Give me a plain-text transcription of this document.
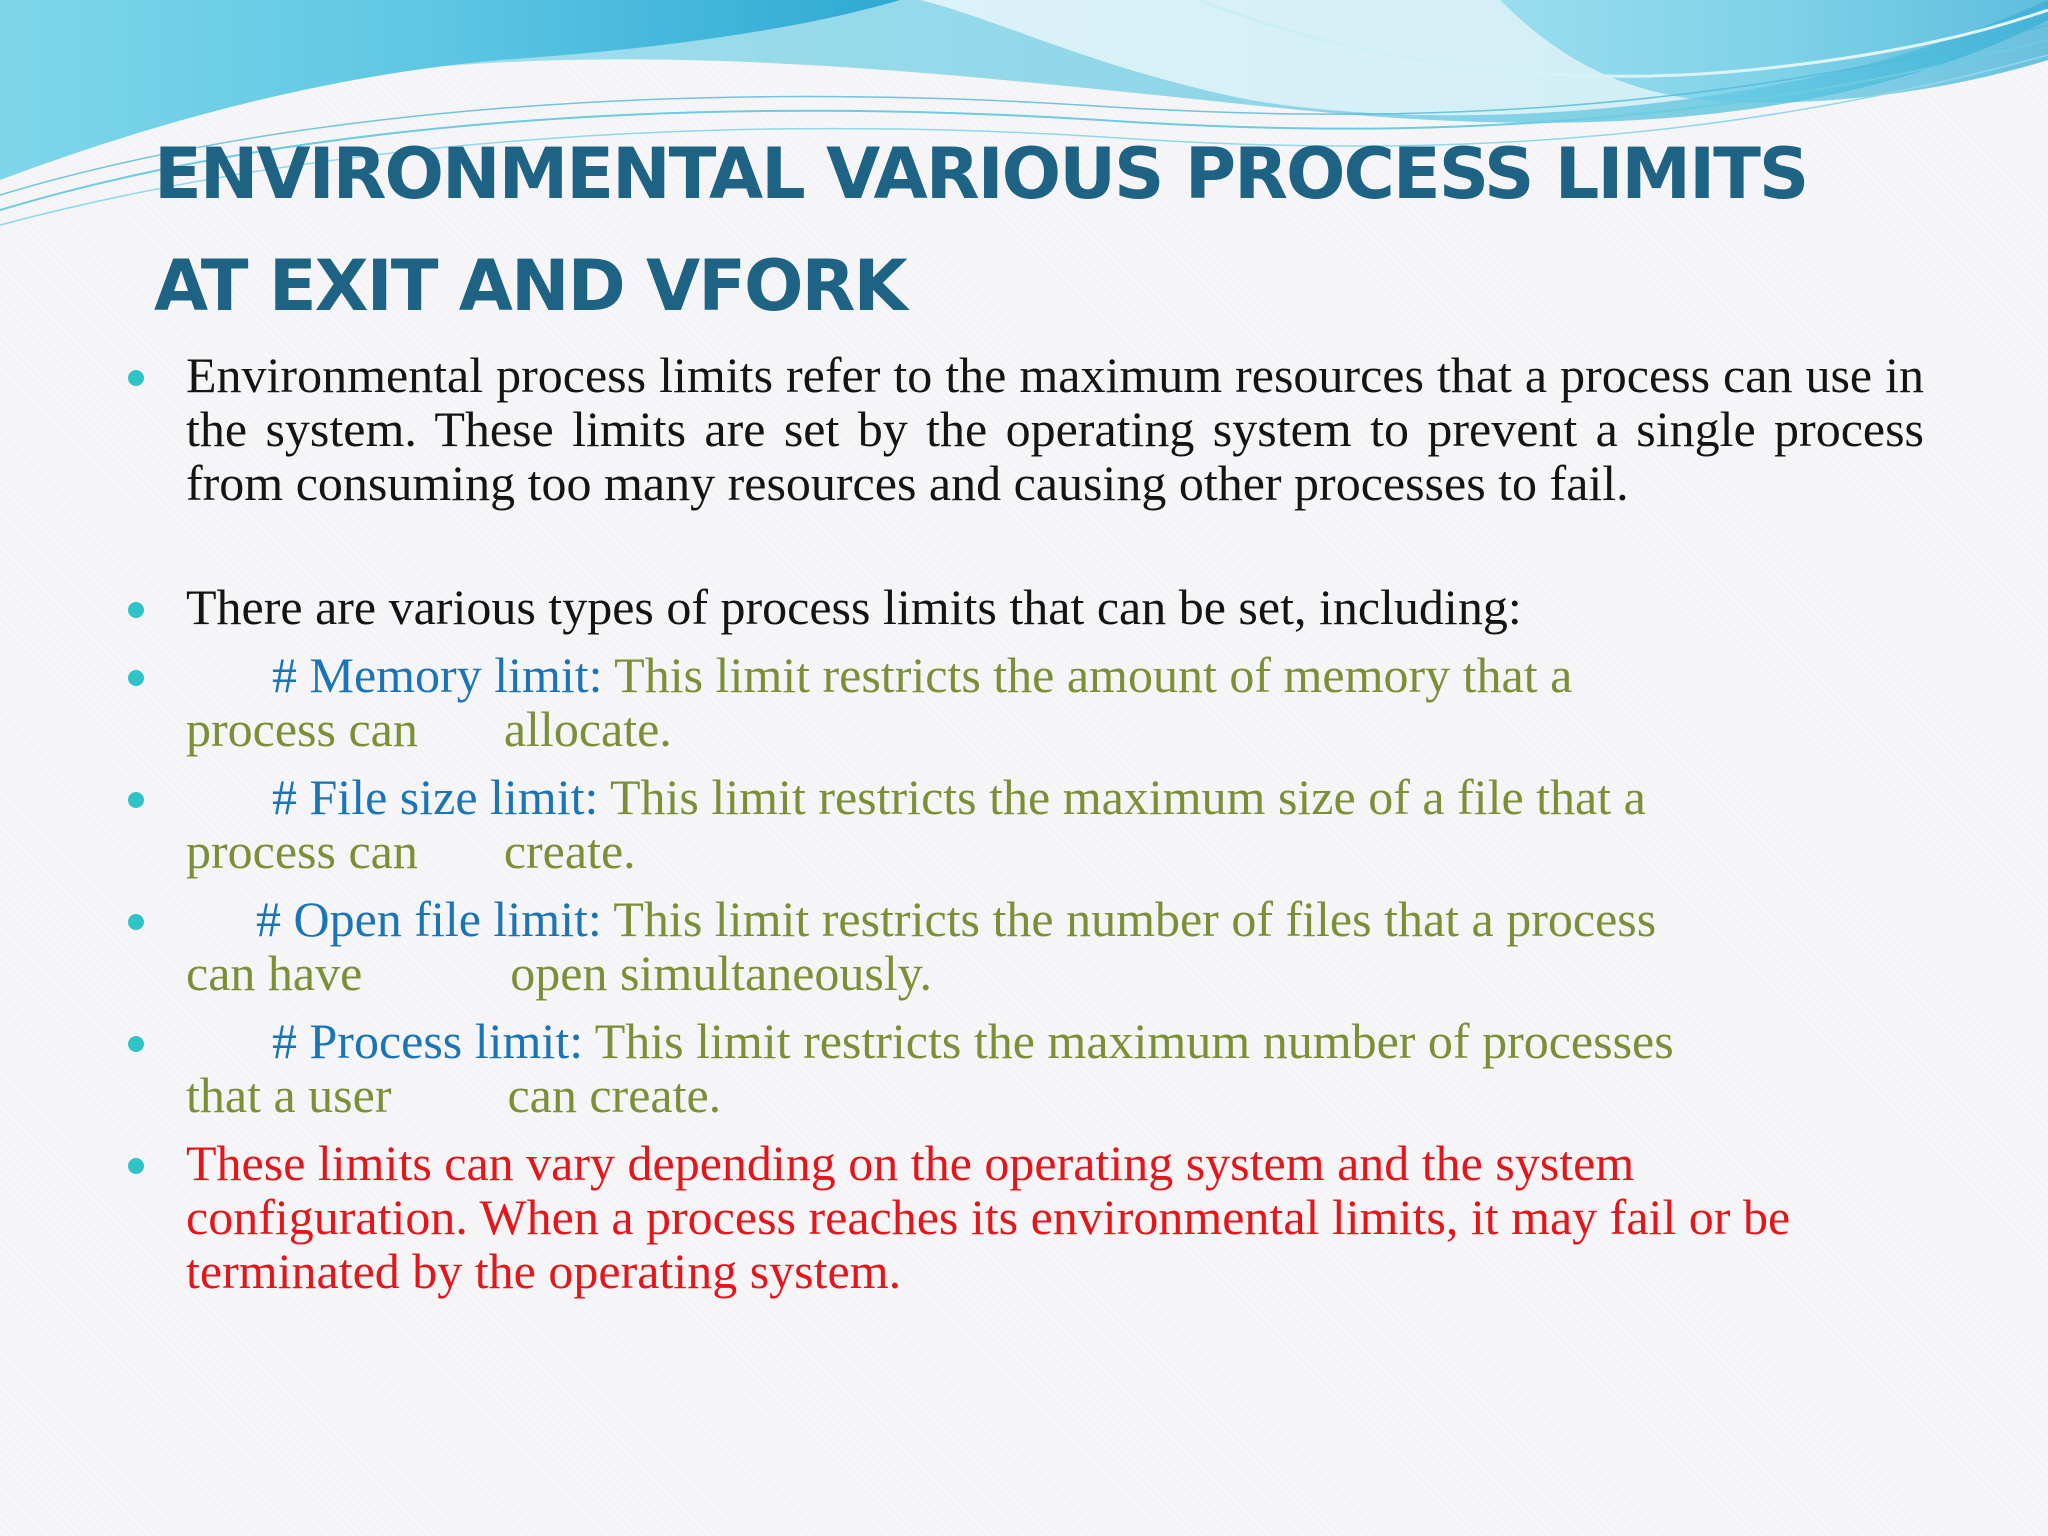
ENVIRONMENTAL VARIOUS PROCESS LIMITS
AT EXIT AND VFORK
Environmental process limits refer to the maximum resources that a process can use in the system. These limits are set by the operating system to prevent a single process from consuming too many resources and causing other processes to fail.
There are various types of process limits that can be set, including:
# Memory limit: This limit restricts the amount of memory that a
process can allocate.
# File size limit: This limit restricts the maximum size of a file that a
process can create.
# Open file limit: This limit restricts the number of files that a process
can have	open simultaneously.
# Process limit: This limit restricts the maximum number of processes
that a user can create.
These limits can vary depending on the operating system and the system configuration. When a process reaches its environmental limits, it may fail or be terminated by the operating system.
